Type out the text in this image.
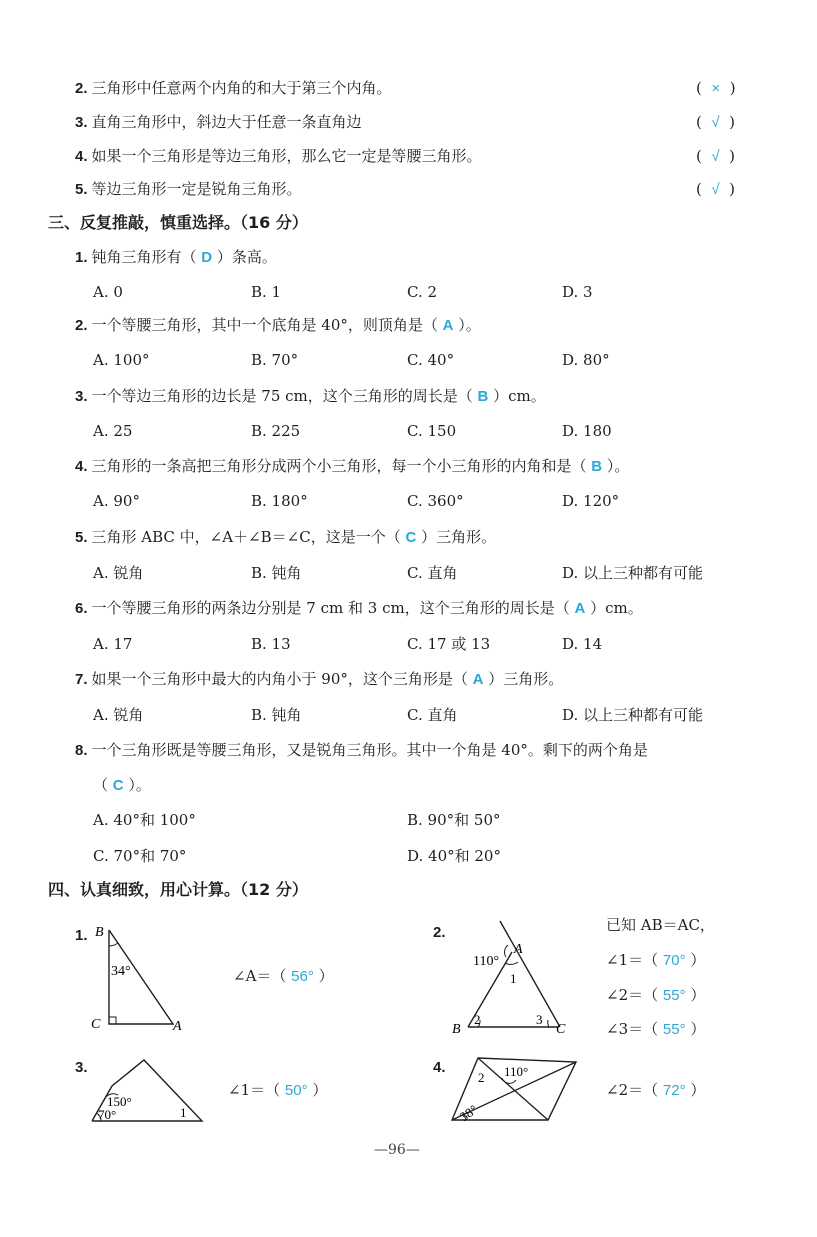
2. 三角形中任意两个内角的和大于第三个内角。	(  ×  )
3. 直角三角形中，斜边大于任意一条直角边	(  √  )
4. 如果一个三角形是等边三角形，那么它一定是等腰三角形。	(  √  )
5. 等边三角形一定是锐角三角形。	(  √  )
三、反复推敲，慎重选择。（16 分）
1. 钝角三角形有（ D ）条高。
A. 0	B. 1	C. 2	D. 3
2. 一个等腰三角形，其中一个底角是 40°，则顶角是（ A ）。
A. 100°	B. 70°	C. 40°	D. 80°
3. 一个等边三角形的边长是 75 cm，这个三角形的周长是（ B ）cm。
A. 25	B. 225	C. 150	D. 180
4. 三角形的一条高把三角形分成两个小三角形，每一个小三角形的内角和是（ B ）。
A. 90°	B. 180°	C. 360°	D. 120°
5. 三角形 ABC 中，∠A＋∠B＝∠C，这是一个（ C ）三角形。
A. 锐角	B. 钝角	C. 直角	D. 以上三种都有可能
6. 一个等腰三角形的两条边分别是 7 cm 和 3 cm，这个三角形的周长是（ A ）cm。
A. 17	B. 13	C. 17 或 13	D. 14
7. 如果一个三角形中最大的内角小于 90°，这个三角形是（ A ）三角形。
A. 锐角	B. 钝角	C. 直角	D. 以上三种都有可能
8. 一个三角形既是等腰三角形，又是锐角三角形。其中一个角是 40°。剩下的两个角是
（ C ）。
A. 40°和 100°	B. 90°和 50°
C. 70°和 70°	D. 40°和 20°
四、认真细致，用心计算。（12 分）
1. B
C	A
34°	∠A＝（ 56° ）
2.
110°
A
1
B
2	3
C
已知 AB＝AC，
∠1＝（ 70° ）
∠2＝（ 55° ）
∠3＝（ 55° ）
3.
150°
70°	1
∠1＝（ 50° ）
4.
2 110°
38°
∠2＝（ 72° ）
—96—
